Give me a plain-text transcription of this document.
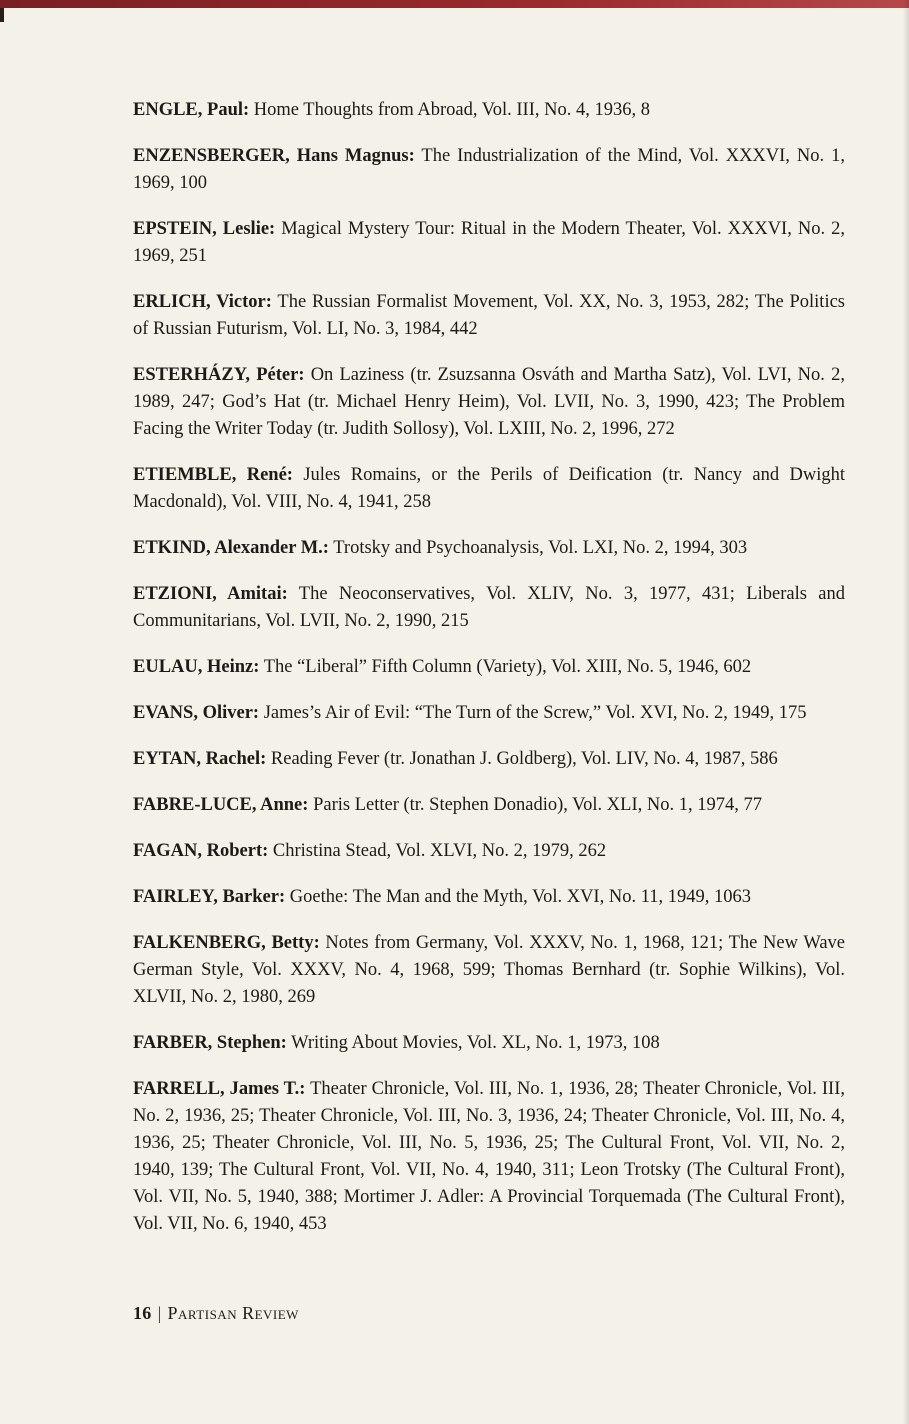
ENGLE, Paul: Home Thoughts from Abroad, Vol. III, No. 4, 1936, 8

ENZENSBERGER, Hans Magnus: The Industrialization of the Mind, Vol. XXXVI, No. 1, 1969, 100

EPSTEIN, Leslie: Magical Mystery Tour: Ritual in the Modern Theater, Vol. XXXVI, No. 2, 1969, 251

ERLICH, Victor: The Russian Formalist Movement, Vol. XX, No. 3, 1953, 282; The Politics of Russian Futurism, Vol. LI, No. 3, 1984, 442

ESTERHÁZY, Péter: On Laziness (tr. Zsuzsanna Osváth and Martha Satz), Vol. LVI, No. 2, 1989, 247; God’s Hat (tr. Michael Henry Heim), Vol. LVII, No. 3, 1990, 423; The Problem Facing the Writer Today (tr. Judith Sollosy), Vol. LXIII, No. 2, 1996, 272

ETIEMBLE, René: Jules Romains, or the Perils of Deification (tr. Nancy and Dwight Macdonald), Vol. VIII, No. 4, 1941, 258

ETKIND, Alexander M.: Trotsky and Psychoanalysis, Vol. LXI, No. 2, 1994, 303

ETZIONI, Amitai: The Neoconservatives, Vol. XLIV, No. 3, 1977, 431; Liberals and Communitarians, Vol. LVII, No. 2, 1990, 215

EULAU, Heinz: The “Liberal” Fifth Column (Variety), Vol. XIII, No. 5, 1946, 602

EVANS, Oliver: James’s Air of Evil: “The Turn of the Screw,” Vol. XVI, No. 2, 1949, 175

EYTAN, Rachel: Reading Fever (tr. Jonathan J. Goldberg), Vol. LIV, No. 4, 1987, 586

FABRE-LUCE, Anne: Paris Letter (tr. Stephen Donadio), Vol. XLI, No. 1, 1974, 77

FAGAN, Robert: Christina Stead, Vol. XLVI, No. 2, 1979, 262

FAIRLEY, Barker: Goethe: The Man and the Myth, Vol. XVI, No. 11, 1949, 1063

FALKENBERG, Betty: Notes from Germany, Vol. XXXV, No. 1, 1968, 121; The New Wave German Style, Vol. XXXV, No. 4, 1968, 599; Thomas Bernhard (tr. Sophie Wilkins), Vol. XLVII, No. 2, 1980, 269

FARBER, Stephen: Writing About Movies, Vol. XL, No. 1, 1973, 108

FARRELL, James T.: Theater Chronicle, Vol. III, No. 1, 1936, 28; Theater Chronicle, Vol. III, No. 2, 1936, 25; Theater Chronicle, Vol. III, No. 3, 1936, 24; Theater Chronicle, Vol. III, No. 4, 1936, 25; Theater Chronicle, Vol. III, No. 5, 1936, 25; The Cultural Front, Vol. VII, No. 2, 1940, 139; The Cultural Front, Vol. VII, No. 4, 1940, 311; Leon Trotsky (The Cultural Front), Vol. VII, No. 5, 1940, 388; Mortimer J. Adler: A Provincial Torquemada (The Cultural Front), Vol. VII, No. 6, 1940, 453

16 | Partisan Review
